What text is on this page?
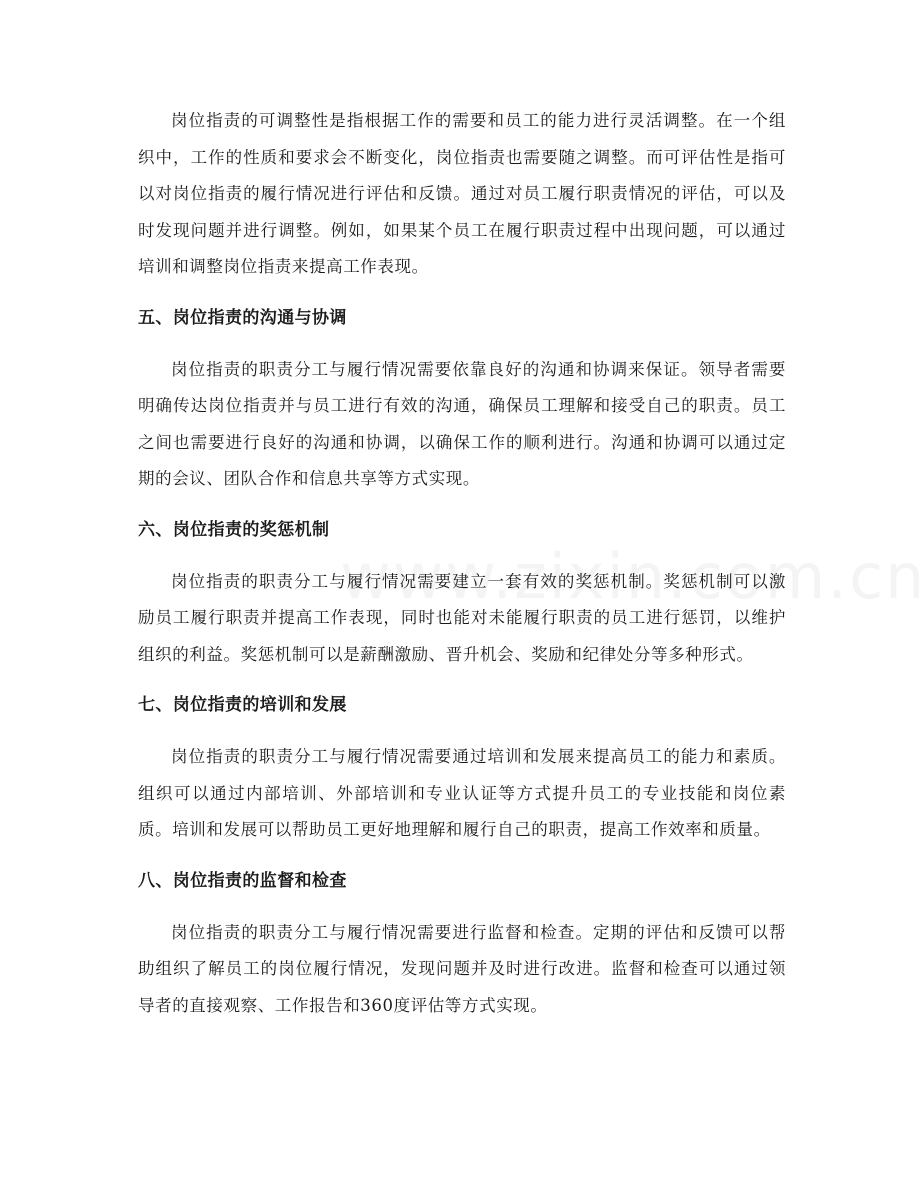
岗位指责的可调整性是指根据工作的需要和员工的能力进行灵活调整。在一个组织中，工作的性质和要求会不断变化，岗位指责也需要随之调整。而可评估性是指可以对岗位指责的履行情况进行评估和反馈。通过对员工履行职责情况的评估，可以及时发现问题并进行调整。例如，如果某个员工在履行职责过程中出现问题，可以通过培训和调整岗位指责来提高工作表现。

五、岗位指责的沟通与协调

岗位指责的职责分工与履行情况需要依靠良好的沟通和协调来保证。领导者需要明确传达岗位指责并与员工进行有效的沟通，确保员工理解和接受自己的职责。员工之间也需要进行良好的沟通和协调，以确保工作的顺利进行。沟通和协调可以通过定期的会议、团队合作和信息共享等方式实现。

六、岗位指责的奖惩机制

岗位指责的职责分工与履行情况需要建立一套有效的奖惩机制。奖惩机制可以激励员工履行职责并提高工作表现，同时也能对未能履行职责的员工进行惩罚，以维护组织的利益。奖惩机制可以是薪酬激励、晋升机会、奖励和纪律处分等多种形式。

七、岗位指责的培训和发展

岗位指责的职责分工与履行情况需要通过培训和发展来提高员工的能力和素质。组织可以通过内部培训、外部培训和专业认证等方式提升员工的专业技能和岗位素质。培训和发展可以帮助员工更好地理解和履行自己的职责，提高工作效率和质量。

八、岗位指责的监督和检查

岗位指责的职责分工与履行情况需要进行监督和检查。定期的评估和反馈可以帮助组织了解员工的岗位履行情况，发现问题并及时进行改进。监督和检查可以通过领导者的直接观察、工作报告和360度评估等方式实现。
